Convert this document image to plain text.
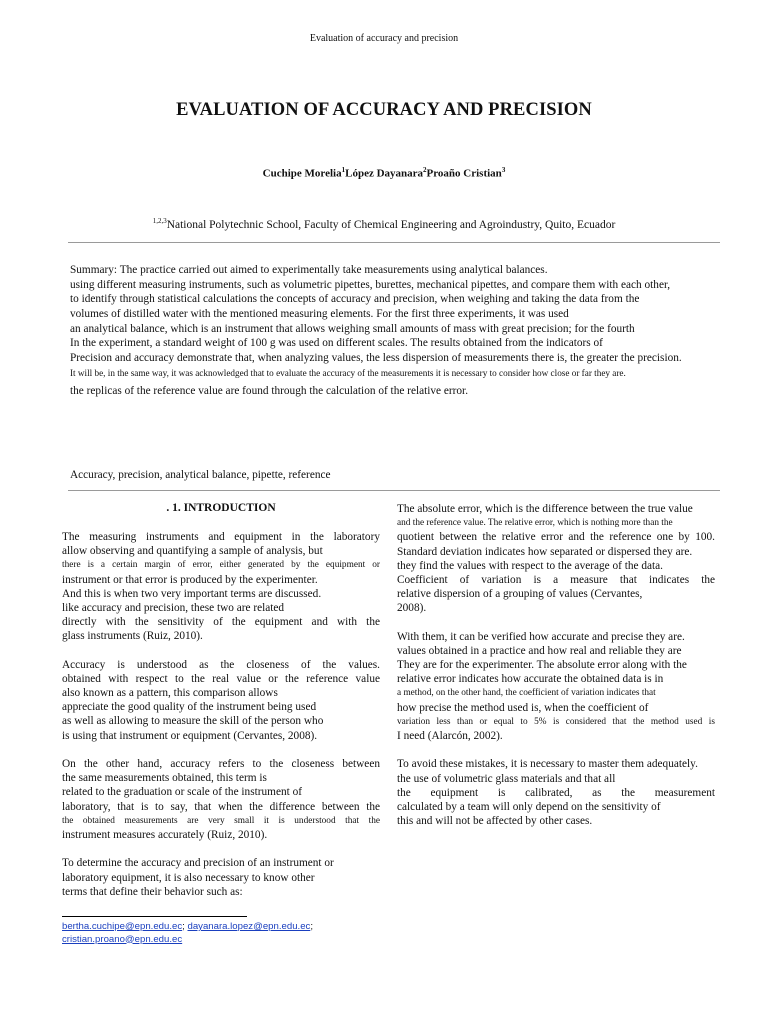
Evaluation of accuracy and precision
EVALUATION OF ACCURACY AND PRECISION
Cuchipe Morelia$^1$López Dayanara$^2$Proaño Cristian$^3$
$^{1,2,3}$National Polytechnic School, Faculty of Chemical Engineering and Agroindustry, Quito, Ecuador
Summary: The practice carried out aimed to experimentally take measurements using analytical balances.
using different measuring instruments, such as volumetric pipettes, burettes, mechanical pipettes, and compare them with each other,
to identify through statistical calculations the concepts of accuracy and precision, when weighing and taking the data from the
volumes of distilled water with the mentioned measuring elements. For the first three experiments, it was used
an analytical balance, which is an instrument that allows weighing small amounts of mass with great precision; for the fourth
In the experiment, a standard weight of 100 g was used on different scales. The results obtained from the indicators of
Precision and accuracy demonstrate that, when analyzing values, the less dispersion of measurements there is, the greater the precision.
It will be, in the same way, it was acknowledged that to evaluate the accuracy of the measurements it is necessary to consider how close or far they are.
the replicas of the reference value are found through the calculation of the relative error.
Accuracy, precision, analytical balance, pipette, reference
. 1. INTRODUCTION
The measuring instruments and equipment in the laboratory
allow observing and quantifying a sample of analysis, but
there is a certain margin of error, either generated by the equipment or
instrument or that error is produced by the experimenter.
And this is when two very important terms are discussed.
like accuracy and precision, these two are related
directly with the sensitivity of the equipment and with the
glass instruments (Ruiz, 2010).
Accuracy is understood as the closeness of the values.
obtained with respect to the real value or the reference value
also known as a pattern, this comparison allows
appreciate the good quality of the instrument being used
as well as allowing to measure the skill of the person who
is using that instrument or equipment (Cervantes, 2008).
On the other hand, accuracy refers to the closeness between
the same measurements obtained, this term is
related to the graduation or scale of the instrument of
laboratory, that is to say, that when the difference between the
the obtained measurements are very small it is understood that the
instrument measures accurately (Ruiz, 2010).
To determine the accuracy and precision of an instrument or
laboratory equipment, it is also necessary to know other
terms that define their behavior such as:
The absolute error, which is the difference between the true value
and the reference value. The relative error, which is nothing more than the
quotient between the relative error and the reference one by 100.
Standard deviation indicates how separated or dispersed they are.
they find the values with respect to the average of the data.
Coefficient of variation is a measure that indicates the
relative dispersion of a grouping of values (Cervantes,
2008).
With them, it can be verified how accurate and precise they are.
values obtained in a practice and how real and reliable they are
They are for the experimenter. The absolute error along with the
relative error indicates how accurate the obtained data is in
a method, on the other hand, the coefficient of variation indicates that
how precise the method used is, when the coefficient of
variation less than or equal to 5% is considered that the method used is
I need (Alarcón, 2002).
To avoid these mistakes, it is necessary to master them adequately.
the use of volumetric glass materials and that all
the equipment is calibrated, as the measurement
calculated by a team will only depend on the sensitivity of
this and will not be affected by other cases.
bertha.cuchipe@epn.edu.ec; dayanara.lopez@epn.edu.ec;
cristian.proano@epn.edu.ec
